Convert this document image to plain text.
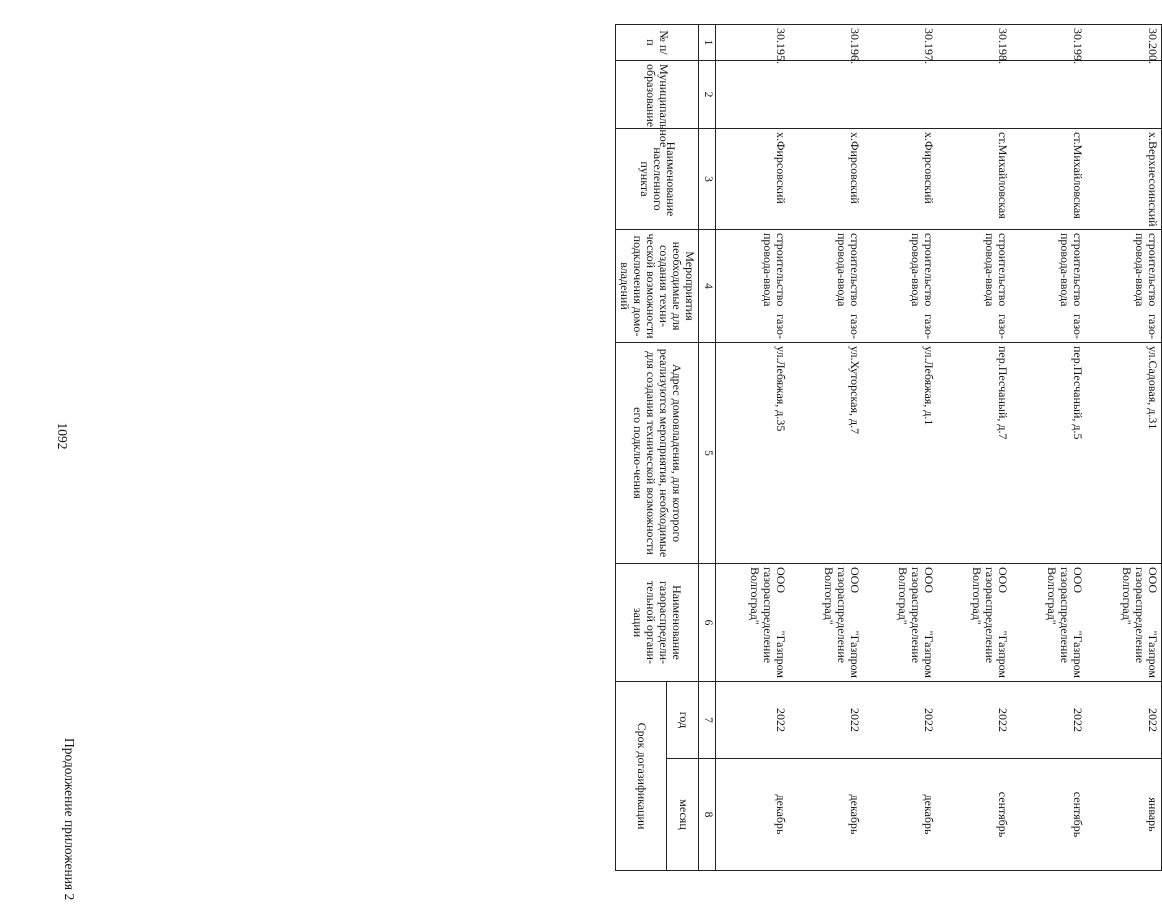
1092
Продолжение приложения 2
№ п/п	Муниципальное образование	Наименование населенного пункта	Мероприятия необходимые для создания техни-ческой возможности подключения домо-владений	Адрес домовладения, для которого реализуются мероприятия, необходимые для создания технической возможности его подклю-чения	Наименование газораспредели-тельной органи-зации	Срок догазификации	
						год	месяц
1	2	3	4	5	6	7	8
30.195.		х.Фирсовский	строительство газо-провода-ввода	ул.Лебяжая, д.35	ООО "Газпром газораспределение Волгоград"	2022	декабрь
30.196.		х.Фирсовский	строительство газо-провода-ввода	ул.Хуторская, д.7	ООО "Газпром газораспределение Волгоград"	2022	декабрь
30.197.		х.Фирсовский	строительство газо-провода-ввода	ул.Лебяжая, д.1	ООО "Газпром газораспределение Волгоград"	2022	декабрь
30.198.		ст.Михайловская	строительство газо-провода-ввода	пер.Песчаный, д.7	ООО "Газпром газораспределение Волгоград"	2022	сентябрь
30.199.		ст.Михайловская	строительство газо-провода-ввода	пер.Песчаный, д.5	ООО "Газпром газораспределение Волгоград"	2022	сентябрь
30.200.		х.Верхнесоинский	строительство газо-провода-ввода	ул.Садовая, д.31	ООО "Газпром газораспределение Волгоград"	2022	январь
